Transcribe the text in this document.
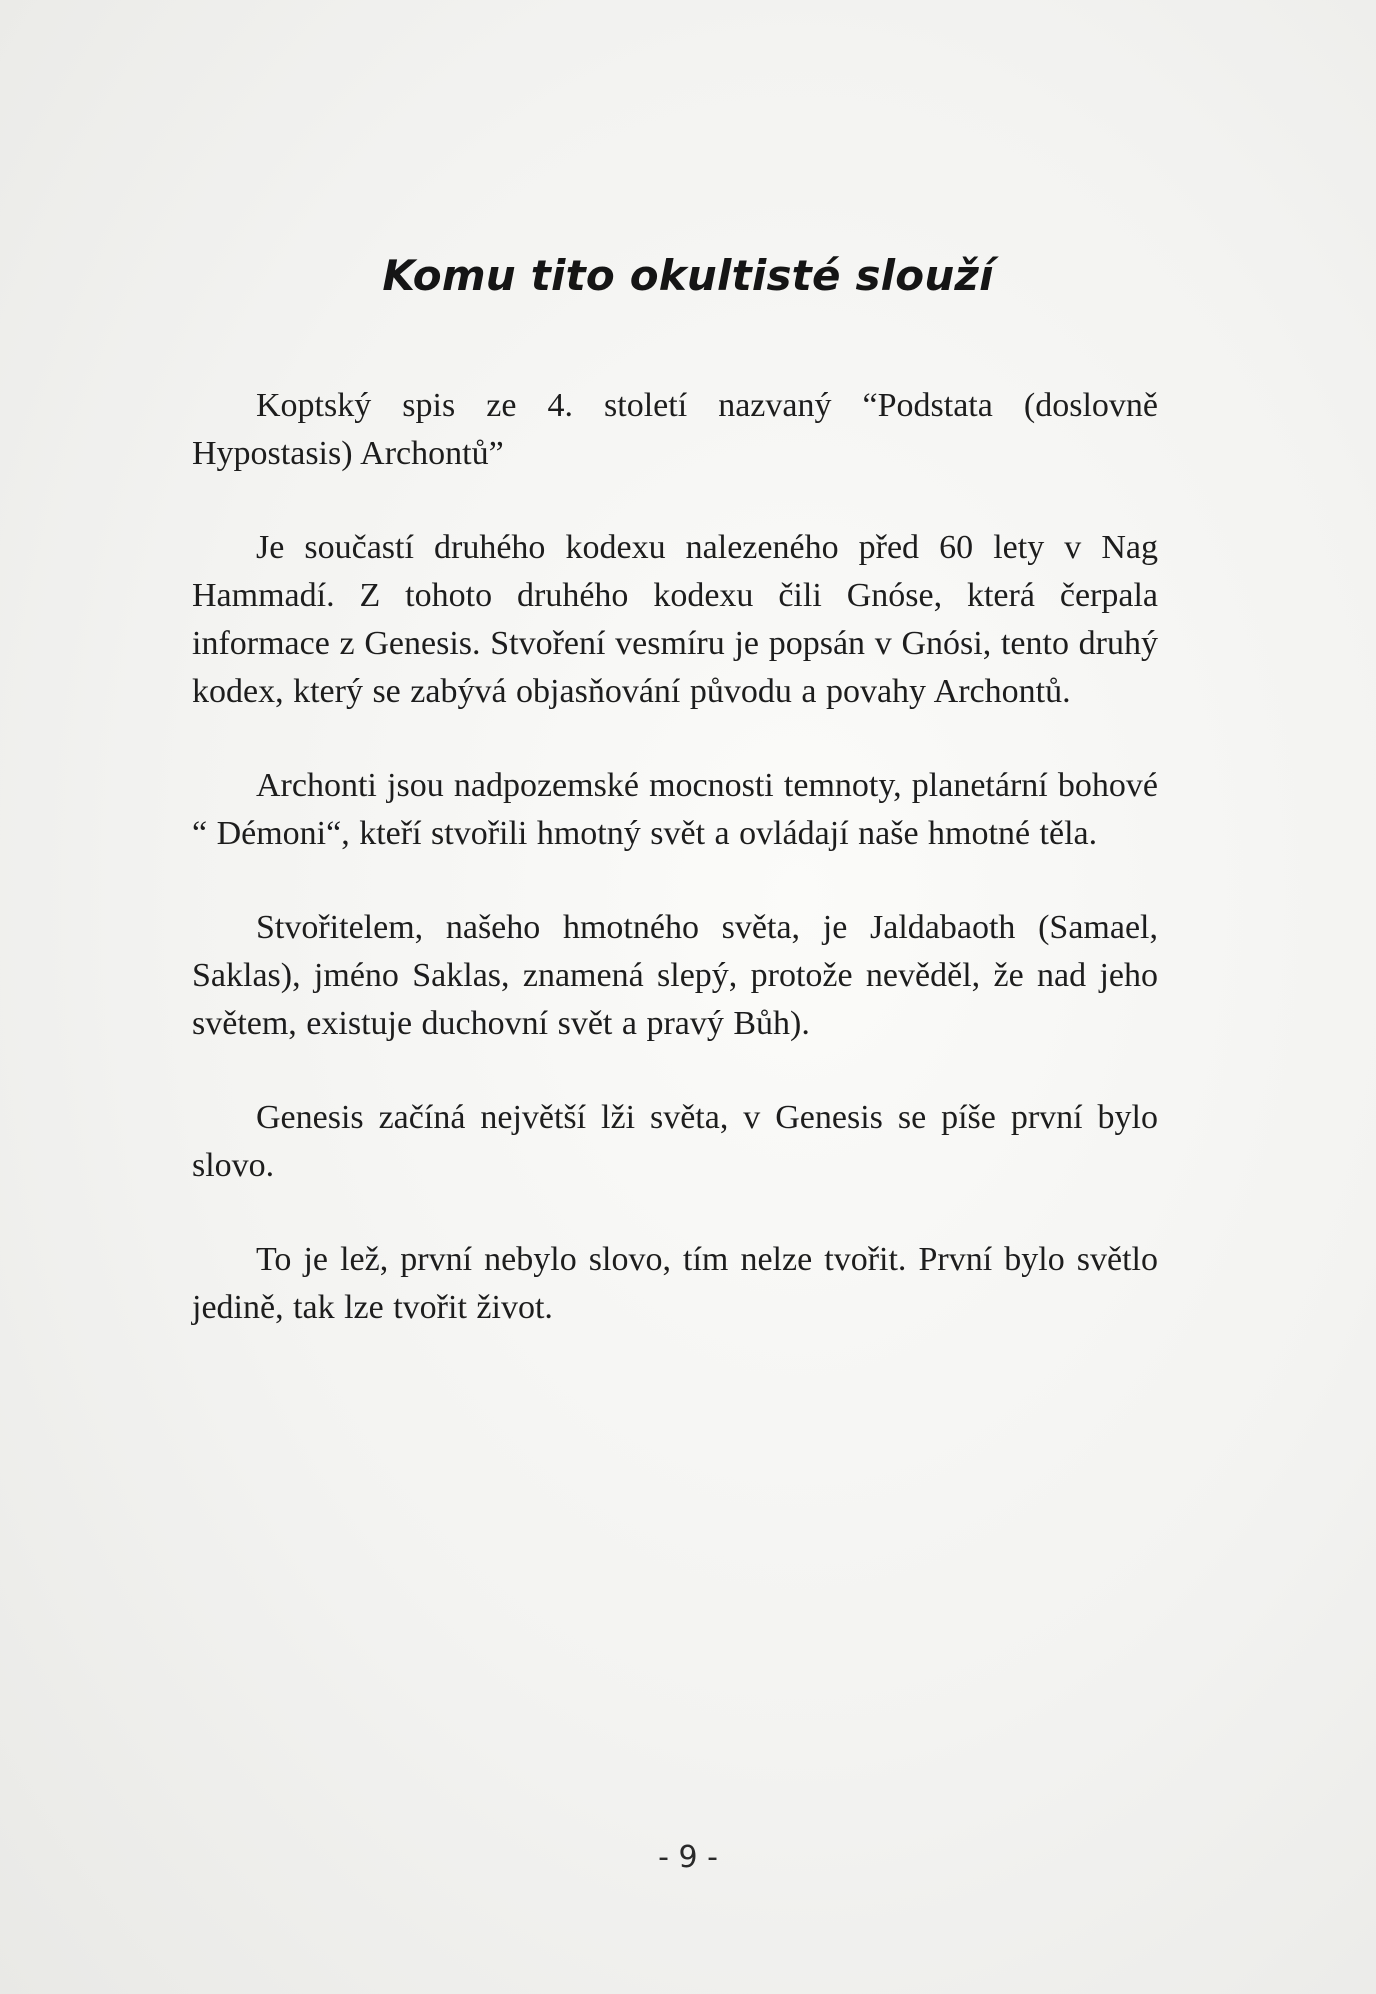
Komu tito okultisté slouží

Koptský spis ze 4. století nazvaný “Podstata (doslovně Hypostasis) Archontů”

Je součastí druhého kodexu nalezeného před 60 lety v Nag Hammadí. Z tohoto druhého kodexu čili Gnóse, která čerpala informace z Genesis. Stvoření vesmíru je popsán v Gnósi, tento druhý kodex, který se zabývá objasňování původu a povahy Archontů.

Archonti jsou nadpozemské mocnosti temnoty, planetární bohové “ Démoni“, kteří stvořili hmotný svět a ovládají naše hmotné těla.

Stvořitelem, našeho hmotného světa, je Jaldabaoth (Samael, Saklas), jméno Saklas, znamená slepý, protože nevěděl, že nad jeho světem, existuje duchovní svět a pravý Bůh).

Genesis začíná největší lži světa, v Genesis se píše první bylo slovo.

To je lež, první nebylo slovo, tím nelze tvořit. První bylo světlo jedině, tak lze tvořit život.

- 9 -
